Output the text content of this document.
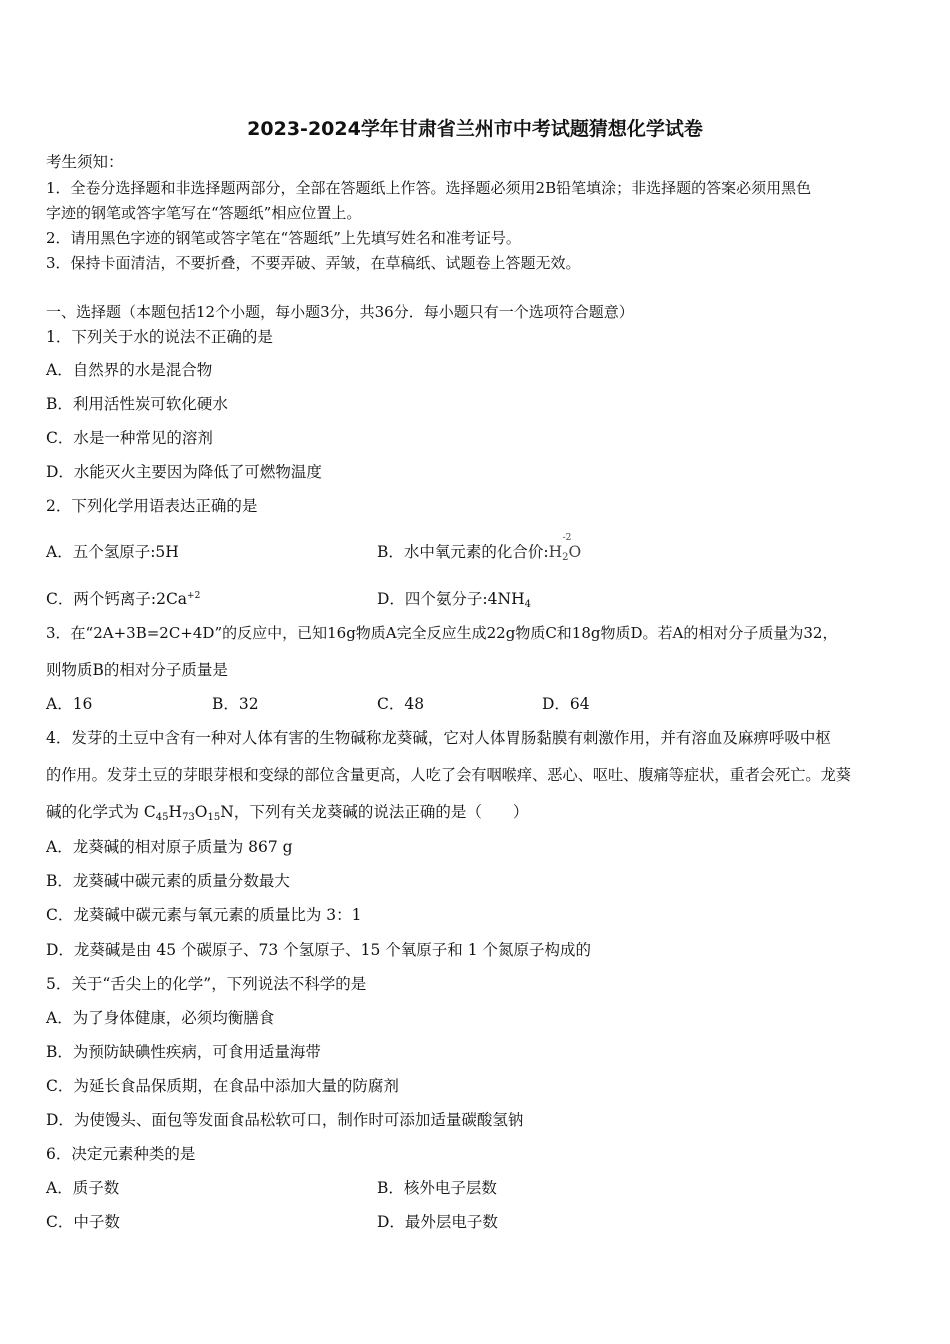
2023-2024学年甘肃省兰州市中考试题猜想化学试卷
考生须知：
1．全卷分选择题和非选择题两部分，全部在答题纸上作答。选择题必须用2B铅笔填涂；非选择题的答案必须用黑色
字迹的钢笔或答字笔写在“答题纸”相应位置上。
2．请用黑色字迹的钢笔或答字笔在“答题纸”上先填写姓名和准考证号。
3．保持卡面清洁，不要折叠，不要弄破、弄皱，在草稿纸、试题卷上答题无效。
一、选择题（本题包括12个小题，每小题3分，共36分．每小题只有一个选项符合题意）
1．下列关于水的说法不正确的是
A．自然界的水是混合物
B．利用活性炭可软化硬水
C．水是一种常见的溶剂
D．水能灭火主要因为降低了可燃物温度
2．下列化学用语表达正确的是
A．五个氢原子:5H	B．水中氧元素的化合价$:H_2O$
-2
C．两个钙离子$:2Ca^{+2}$	D．四个氨分子$:4NH_4$
3．在“2A+3B=2C+4D”的反应中，已知16g物质A完全反应生成22g物质C和18g物质D。若A的相对分子质量为32，
则物质B的相对分子质量是
A．16	B．32	C．48	D．64
4．发芽的土豆中含有一种对人体有害的生物碱称龙葵碱，它对人体胃肠黏膜有刺激作用，并有溶血及麻痹呼吸中枢
的作用。发芽土豆的芽眼芽根和变绿的部位含量更高，人吃了会有咽喉痒、恶心、呕吐、腹痛等症状，重者会死亡。龙葵
碱的化学式为 $C_{45}H_{73}O_{15}N$，下列有关龙葵碱的说法正确的是（　　）
A．龙葵碱的相对原子质量为 867 g
B．龙葵碱中碳元素的质量分数最大
C．龙葵碱中碳元素与氧元素的质量比为 3：1
D．龙葵碱是由 45 个碳原子、73 个氢原子、15 个氧原子和 1 个氮原子构成的
5．关于“舌尖上的化学”，下列说法不科学的是
A．为了身体健康，必须均衡膳食
B．为预防缺碘性疾病，可食用适量海带
C．为延长食品保质期，在食品中添加大量的防腐剂
D．为使馒头、面包等发面食品松软可口，制作时可添加适量碳酸氢钠
6．决定元素种类的是
A．质子数	B．核外电子层数
C．中子数	D．最外层电子数
